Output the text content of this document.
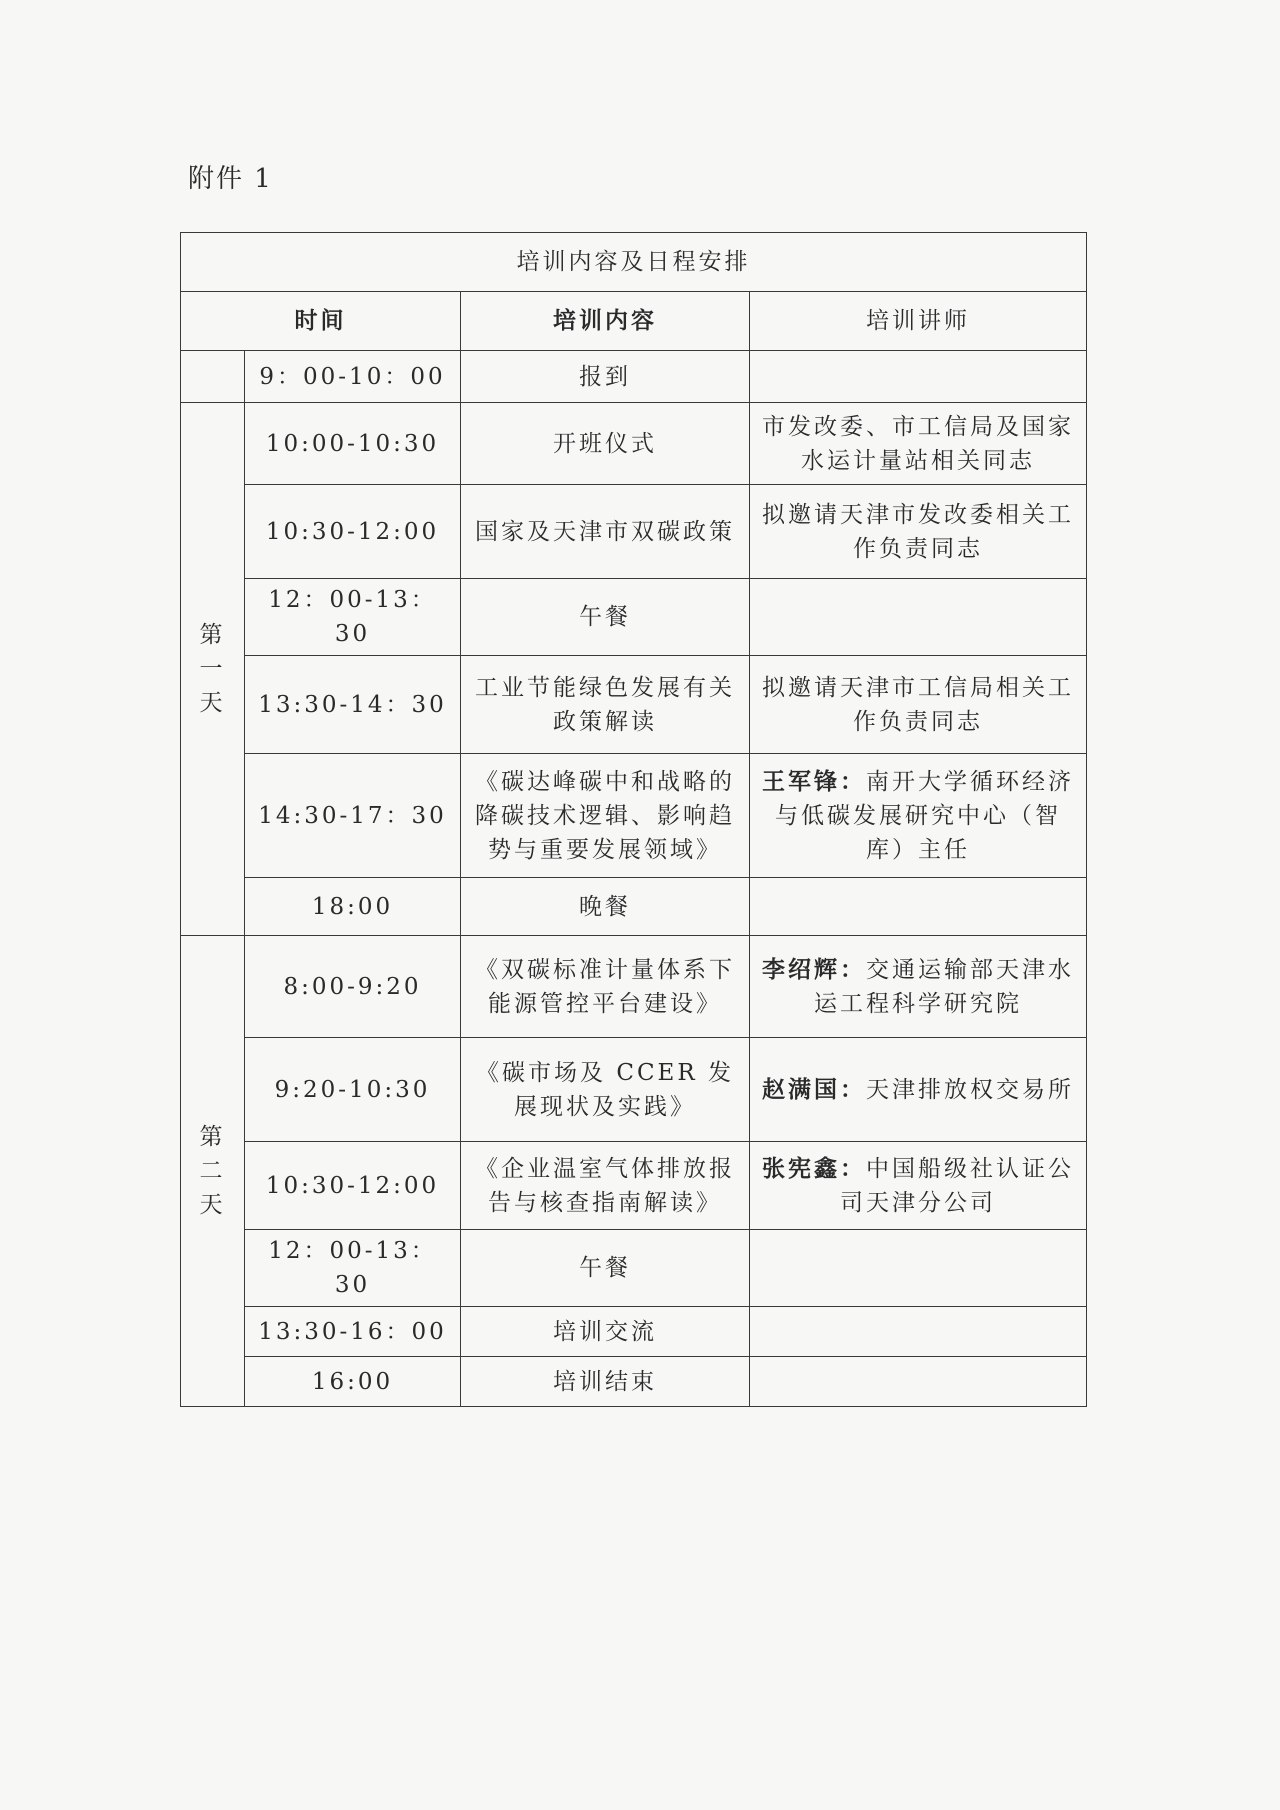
附件 1
培训内容及日程安排			
时间		培训内容	培训讲师
	9：00-10：00	报到	

第
一
天	10:00-10:30	开班仪式	市发改委、市工信局及国家水运计量站相关同志
	10:30-12:00	国家及天津市双碳政策	拟邀请天津市发改委相关工作负责同志
	12：00-13：30	午餐	
	13:30-14：30	工业节能绿色发展有关政策解读	拟邀请天津市工信局相关工作负责同志
	14:30-17：30	《碳达峰碳中和战略的降碳技术逻辑、影响趋势与重要发展领域》	王军锋：南开大学循环经济与低碳发展研究中心（智库）主任
	18:00	晚餐	

第
二
天	8:00-9:20	《双碳标准计量体系下能源管控平台建设》	李绍辉：交通运输部天津水运工程科学研究院
	9:20-10:30	《碳市场及 CCER 发展现状及实践》	赵满国：天津排放权交易所
	10:30-12:00	《企业温室气体排放报告与核查指南解读》	张宪鑫：中国船级社认证公司天津分公司
	12：00-13：30	午餐	
	13:30-16：00	培训交流	
	16:00	培训结束	
